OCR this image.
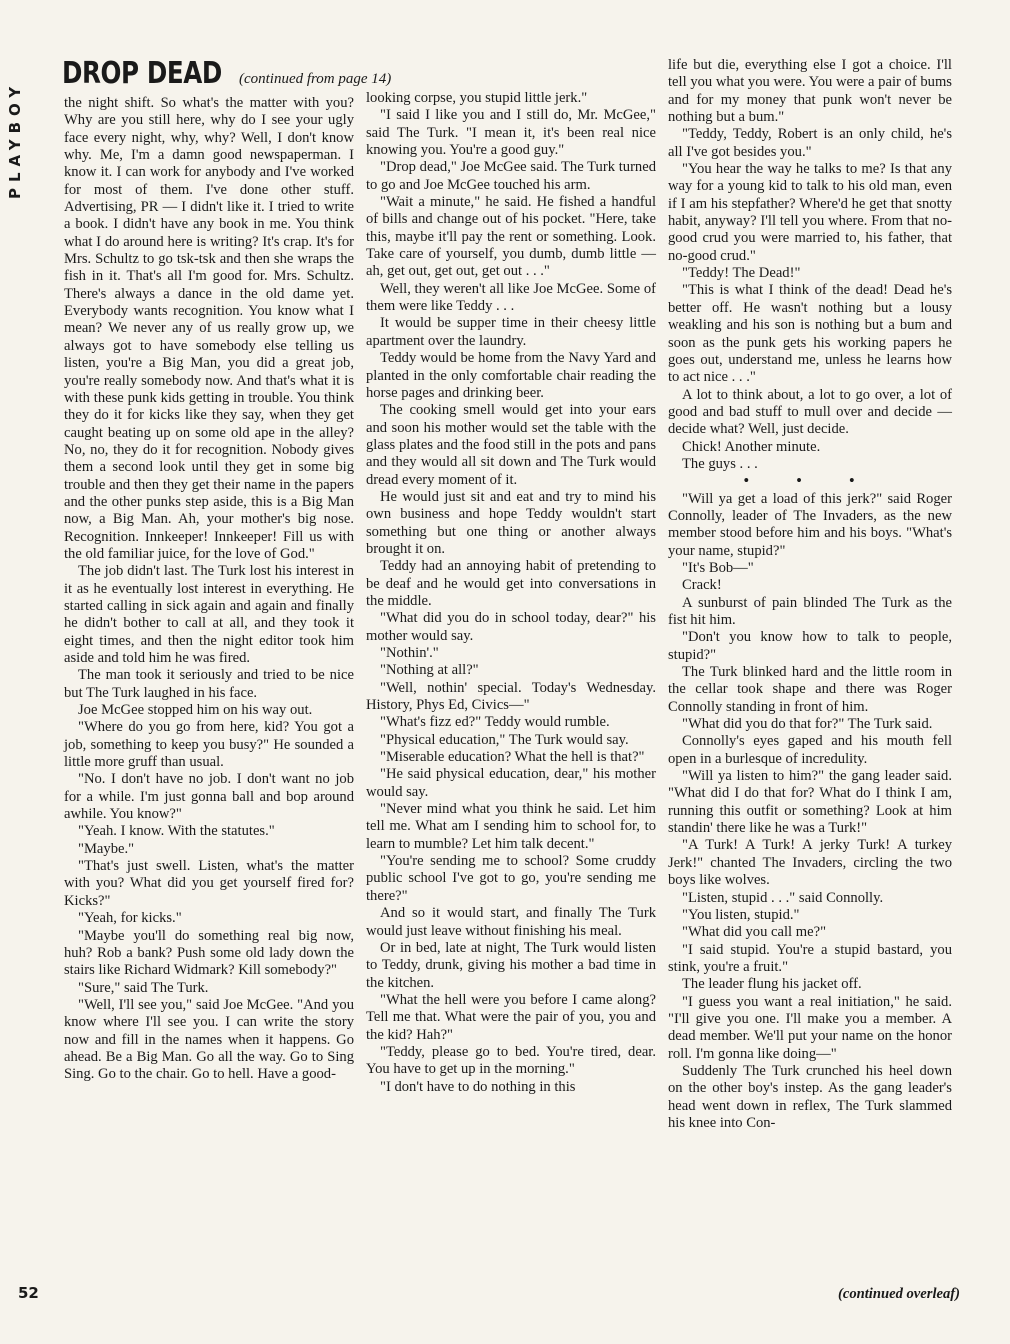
PLAYBOY
DROP DEAD (continued from page 14)

the night shift. So what's the matter with you? Why are you still here, why do I see your ugly face every night, why, why? Well, I don't know why. Me, I'm a damn good newspaperman. I know it. I can work for anybody and I've worked for most of them. I've done other stuff. Advertising, PR — I didn't like it. I tried to write a book. I didn't have any book in me. You think what I do around here is writing? It's crap. It's for Mrs. Schultz to go tsk-tsk and then she wraps the fish in it. That's all I'm good for. Mrs. Schultz. There's always a dance in the old dame yet. Everybody wants recognition. You know what I mean? We never any of us really grow up, we always got to have somebody else telling us listen, you're a Big Man, you did a great job, you're really somebody now. And that's what it is with these punk kids getting in trouble. You think they do it for kicks like they say, when they get caught beating up on some old ape in the alley? No, no, they do it for recognition. Nobody gives them a second look until they get in some big trouble and then they get their name in the papers and the other punks step aside, this is a Big Man now, a Big Man. Ah, your mother's big nose. Recognition. Innkeeper! Innkeeper! Fill us with the old familiar juice, for the love of God."

The job didn't last. The Turk lost his interest in it as he eventually lost interest in everything. He started calling in sick again and again and finally he didn't bother to call at all, and they took it eight times, and then the night editor took him aside and told him he was fired.

The man took it seriously and tried to be nice but The Turk laughed in his face.

Joe McGee stopped him on his way out.

"Where do you go from here, kid? You got a job, something to keep you busy?" He sounded a little more gruff than usual.

"No. I don't have no job. I don't want no job for a while. I'm just gonna ball and bop around awhile. You know?"

"Yeah. I know. With the statutes."

"Maybe."

"That's just swell. Listen, what's the matter with you? What did you get yourself fired for? Kicks?"

"Yeah, for kicks."

"Maybe you'll do something real big now, huh? Rob a bank? Push some old lady down the stairs like Richard Widmark? Kill somebody?"

"Sure," said The Turk.

"Well, I'll see you," said Joe McGee. "And you know where I'll see you. I can write the story now and fill in the names when it happens. Go ahead. Be a Big Man. Go all the way. Go to Sing Sing. Go to the chair. Go to hell. Have a good-

looking corpse, you stupid little jerk."

"I said I like you and I still do, Mr. McGee," said The Turk. "I mean it, it's been real nice knowing you. You're a good guy."

"Drop dead," Joe McGee said. The Turk turned to go and Joe McGee touched his arm.

"Wait a minute," he said. He fished a handful of bills and change out of his pocket. "Here, take this, maybe it'll pay the rent or something. Look. Take care of yourself, you dumb, dumb little — ah, get out, get out, get out . . ."

Well, they weren't all like Joe McGee. Some of them were like Teddy . . .

It would be supper time in their cheesy little apartment over the laundry.

Teddy would be home from the Navy Yard and planted in the only comfortable chair reading the horse pages and drinking beer.

The cooking smell would get into your ears and soon his mother would set the table with the glass plates and the food still in the pots and pans and they would all sit down and The Turk would dread every moment of it.

He would just sit and eat and try to mind his own business and hope Teddy wouldn't start something but one thing or another always brought it on.

Teddy had an annoying habit of pretending to be deaf and he would get into conversations in the middle.

"What did you do in school today, dear?" his mother would say.

"Nothin'."

"Nothing at all?"

"Well, nothin' special. Today's Wednesday. History, Phys Ed, Civics—"

"What's fizz ed?" Teddy would rumble.

"Physical education," The Turk would say.

"Miserable education? What the hell is that?"

"He said physical education, dear," his mother would say.

"Never mind what you think he said. Let him tell me. What am I sending him to school for, to learn to mumble? Let him talk decent."

"You're sending me to school? Some cruddy public school I've got to go, you're sending me there?"

And so it would start, and finally The Turk would just leave without finishing his meal.

Or in bed, late at night, The Turk would listen to Teddy, drunk, giving his mother a bad time in the kitchen.

"What the hell were you before I came along? Tell me that. What were the pair of you, you and the kid? Hah?"

"Teddy, please go to bed. You're tired, dear. You have to get up in the morning."

"I don't have to do nothing in this

life but die, everything else I got a choice. I'll tell you what you were. You were a pair of bums and for my money that punk won't never be nothing but a bum."

"Teddy, Teddy, Robert is an only child, he's all I've got besides you."

"You hear the way he talks to me? Is that any way for a young kid to talk to his old man, even if I am his stepfather? Where'd he get that snotty habit, anyway? I'll tell you where. From that no-good crud you were married to, his father, that no-good crud."

"Teddy! The Dead!"

"This is what I think of the dead! Dead he's better off. He wasn't nothing but a lousy weakling and his son is nothing but a bum and soon as the punk gets his working papers he goes out, understand me, unless he learns how to act nice . . ."

A lot to think about, a lot to go over, a lot of good and bad stuff to mull over and decide — decide what? Well, just decide.

Chick! Another minute.

The guys . . .

• • •

"Will ya get a load of this jerk?" said Roger Connolly, leader of The Invaders, as the new member stood before him and his boys. "What's your name, stupid?"

"It's Bob—"

Crack!

A sunburst of pain blinded The Turk as the fist hit him.

"Don't you know how to talk to people, stupid?"

The Turk blinked hard and the little room in the cellar took shape and there was Roger Connolly standing in front of him.

"What did you do that for?" The Turk said.

Connolly's eyes gaped and his mouth fell open in a burlesque of incredulity.

"Will ya listen to him?" the gang leader said. "What did I do that for? What do I think I am, running this outfit or something? Look at him standin' there like he was a Turk!"

"A Turk! A Turk! A jerky Turk! A turkey Jerk!" chanted The Invaders, circling the two boys like wolves.

"Listen, stupid . . ." said Connolly.

"You listen, stupid."

"What did you call me?"

"I said stupid. You're a stupid bastard, you stink, you're a fruit."

The leader flung his jacket off.

"I guess you want a real initiation," he said. "I'll give you one. I'll make you a member. A dead member. We'll put your name on the honor roll. I'm gonna like doing—"

Suddenly The Turk crunched his heel down on the other boy's instep. As the gang leader's head went down in reflex, The Turk slammed his knee into Con-

(continued overleaf)
52
